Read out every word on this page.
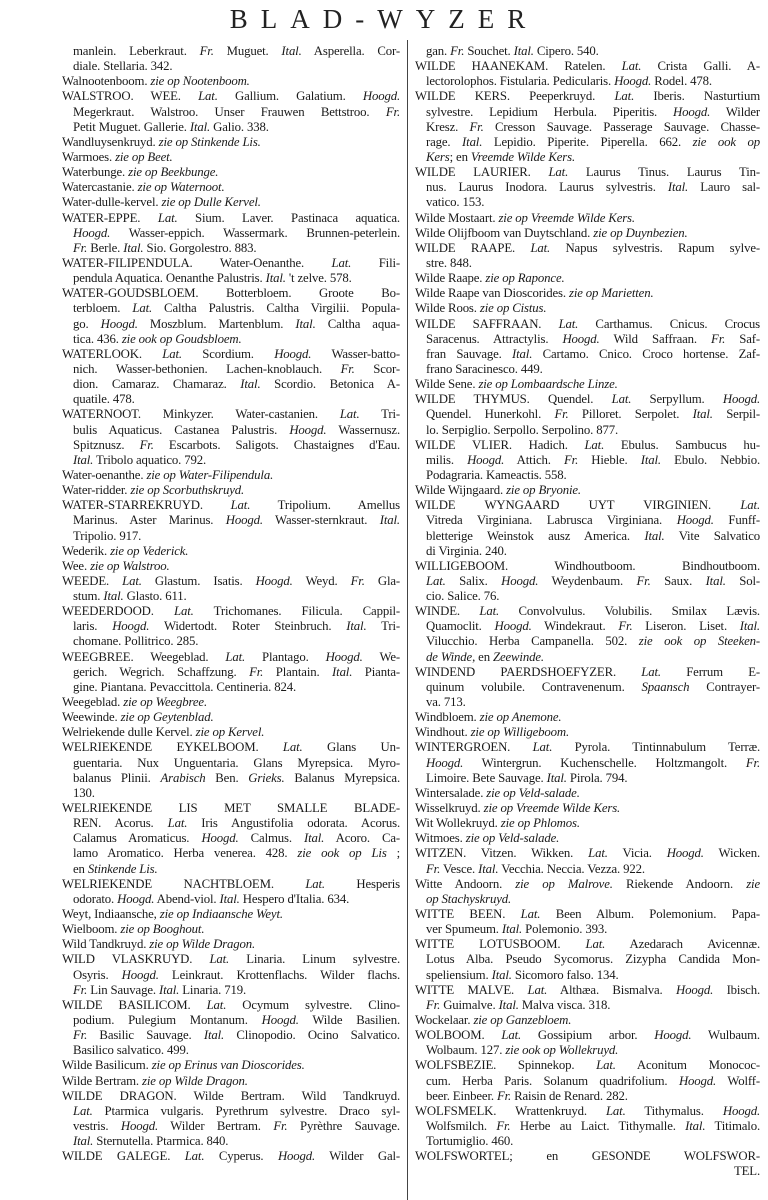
BLAD-WYZER
manlein. Leberkraut. Fr. Muguet. Ital. Asperella. Cor-
diale. Stellaria. 342.
Walnootenboom. zie op Nootenboom.
WALSTROO. WEE. Lat. Gallium. Galatium. Hoogd.
Megerkraut. Walstroo. Unser Frauwen Bettstroo. Fr.
Petit Muguet. Gallerie. Ital. Galio. 338.
Wandluysenkruyd. zie op Stinkende Lis.
Warmoes. zie op Beet.
Waterbunge. zie op Beekbunge.
Watercastanie. zie op Waternoot.
Water-dulle-kervel. zie op Dulle Kervel.
WATER-EPPE. Lat. Sium. Laver. Pastinaca aquatica.
Hoogd. Wasser-eppich. Wassermark. Brunnen-peterlein.
Fr. Berle. Ital. Sio. Gorgolestro. 883.
WATER-FILIPENDULA. Water-Oenanthe. Lat. Fili-
pendula Aquatica. Oenanthe Palustris. Ital. 't zelve. 578.
WATER-GOUDSBLOEM. Botterbloem. Groote Bo-
terbloem. Lat. Caltha Palustris. Caltha Virgilii. Popula-
go. Hoogd. Moszblum. Martenblum. Ital. Caltha aqua-
tica. 436. zie ook op Goudsbloem.
WATERLOOK. Lat. Scordium. Hoogd. Wasser-batto-
nich. Wasser-bethonien. Lachen-knoblauch. Fr. Scor-
dion. Camaraz. Chamaraz. Ital. Scordio. Betonica A-
quatile. 478.
WATERNOOT. Minkyzer. Water-castanien. Lat. Tri-
bulis Aquaticus. Castanea Palustris. Hoogd. Wassernusz.
Spitznusz. Fr. Escarbots. Saligots. Chastaignes d'Eau.
Ital. Tribolo aquatico. 792.
Water-oenanthe. zie op Water-Filipendula.
Water-ridder. zie op Scorbuthskruyd.
WATER-STARREKRUYD. Lat. Tripolium. Amellus
Marinus. Aster Marinus. Hoogd. Wasser-sternkraut. Ital.
Tripolio. 917.
Wederik. zie op Vederick.
Wee. zie op Walstroo.
WEEDE. Lat. Glastum. Isatis. Hoogd. Weyd. Fr. Gla-
stum. Ital. Glasto. 611.
WEEDERDOOD. Lat. Trichomanes. Filicula. Cappil-
laris. Hoogd. Widertodt. Roter Steinbruch. Ital. Tri-
chomane. Pollitrico. 285.
WEEGBREE. Weegeblad. Lat. Plantago. Hoogd. We-
gerich. Wegrich. Schaffzung. Fr. Plantain. Ital. Pianta-
gine. Piantana. Pevaccittola. Centineria. 824.
Weegeblad. zie op Weegbree.
Weewinde. zie op Geytenblad.
Welriekende dulle Kervel. zie op Kervel.
WELRIEKENDE EYKELBOOM. Lat. Glans Un-
guentaria. Nux Unguentaria. Glans Myrepsica. Myro-
balanus Plinii. Arabisch Ben. Grieks. Balanus Myrepsica.
130.
WELRIEKENDE LIS MET SMALLE BLADE-
REN. Acorus. Lat. Iris Angustifolia odorata. Acorus.
Calamus Aromaticus. Hoogd. Calmus. Ital. Acoro. Ca-
lamo Aromatico. Herba venerea. 428. zie ook op Lis ;
en Stinkende Lis.
WELRIEKENDE NACHTBLOEM. Lat. Hesperis
odorato. Hoogd. Abend-viol. Ital. Hespero d'Italia. 634.
Weyt, Indiaansche, zie op Indiaansche Weyt.
Wielboom. zie op Booghout.
Wild Tandkruyd. zie op Wilde Dragon.
WILD VLASKRUYD. Lat. Linaria. Linum sylvestre.
Osyris. Hoogd. Leinkraut. Krottenflachs. Wilder flachs.
Fr. Lin Sauvage. Ital. Linaria. 719.
WILDE BASILICOM. Lat. Ocymum sylvestre. Clino-
podium. Pulegium Montanum. Hoogd. Wilde Basilien.
Fr. Basilic Sauvage. Ital. Clinopodio. Ocino Salvatico.
Basilico salvatico. 499.
Wilde Basilicum. zie op Erinus van Dioscorides.
Wilde Bertram. zie op Wilde Dragon.
WILDE DRAGON. Wilde Bertram. Wild Tandkruyd.
Lat. Ptarmica vulgaris. Pyrethrum sylvestre. Draco syl-
vestris. Hoogd. Wilder Bertram. Fr. Pyrèthre Sauvage.
Ital. Sternutella. Ptarmica. 840.
WILDE GALEGE. Lat. Cyperus. Hoogd. Wilder Gal-
gan. Fr. Souchet. Ital. Cipero. 540.
WILDE HAANEKAM. Ratelen. Lat. Crista Galli. A-
lectorolophos. Fistularia. Pedicularis. Hoogd. Rodel. 478.
WILDE KERS. Peeperkruyd. Lat. Iberis. Nasturtium
sylvestre. Lepidium Herbula. Piperitis. Hoogd. Wilder
Kresz. Fr. Cresson Sauvage. Passerage Sauvage. Chasse-
rage. Ital. Lepidio. Piperite. Piperella. 662. zie ook op
Kers; en Vreemde Wilde Kers.
WILDE LAURIER. Lat. Laurus Tinus. Laurus Tin-
nus. Laurus Inodora. Laurus sylvestris. Ital. Lauro sal-
vatico. 153.
Wilde Mostaart. zie op Vreemde Wilde Kers.
Wilde Olijfboom van Duytschland. zie op Duynbezien.
WILDE RAAPE. Lat. Napus sylvestris. Rapum sylve-
stre. 848.
Wilde Raape. zie op Raponce.
Wilde Raape van Dioscorides. zie op Marietten.
Wilde Roos. zie op Cistus.
WILDE SAFFRAAN. Lat. Carthamus. Cnicus. Crocus
Saracenus. Attractylis. Hoogd. Wild Saffraan. Fr. Saf-
fran Sauvage. Ital. Cartamo. Cnico. Croco hortense. Zaf-
frano Saracinesco. 449.
Wilde Sene. zie op Lombaardsche Linze.
WILDE THYMUS. Quendel. Lat. Serpyllum. Hoogd.
Quendel. Hunerkohl. Fr. Pilloret. Serpolet. Ital. Serpil-
lo. Serpiglio. Serpollo. Serpolino. 877.
WILDE VLIER. Hadich. Lat. Ebulus. Sambucus hu-
milis. Hoogd. Attich. Fr. Hieble. Ital. Ebulo. Nebbio.
Podagraria. Kameactis. 558.
Wilde Wijngaard. zie op Bryonie.
WILDE WYNGAARD UYT VIRGINIEN. Lat.
Vitreda Virginiana. Labrusca Virginiana. Hoogd. Funff-
bletterige Weinstok ausz America. Ital. Vite Salvatico
di Virginia. 240.
WILLIGEBOOM. Windhoutboom. Bindhoutboom.
Lat. Salix. Hoogd. Weydenbaum. Fr. Saux. Ital. Sol-
cio. Salice. 76.
WINDE. Lat. Convolvulus. Volubilis. Smilax Lævis.
Quamoclit. Hoogd. Windekraut. Fr. Liseron. Liset. Ital.
Vilucchio. Herba Campanella. 502. zie ook op Steeken-
de Winde, en Zeewinde.
WINDEND PAERDSHOEFYZER. Lat. Ferrum E-
quinum volubile. Contravenenum. Spaansch Contrayer-
va. 713.
Windbloem. zie op Anemone.
Windhout. zie op Willigeboom.
WINTERGROEN. Lat. Pyrola. Tintinnabulum Terræ.
Hoogd. Wintergrun. Kuchenschelle. Holtzmangolt. Fr.
Limoire. Bete Sauvage. Ital. Pirola. 794.
Wintersalade. zie op Veld-salade.
Wisselkruyd. zie op Vreemde Wilde Kers.
Wit Wollekruyd. zie op Phlomos.
Witmoes. zie op Veld-salade.
WITZEN. Vitzen. Wikken. Lat. Vicia. Hoogd. Wicken.
Fr. Vesce. Ital. Vecchia. Neccia. Vezza. 922.
Witte Andoorn. zie op Malrove. Riekende Andoorn. zie
op Stachyskruyd.
WITTE BEEN. Lat. Been Album. Polemonium. Papa-
ver Spumeum. Ital. Polemonio. 393.
WITTE LOTUSBOOM. Lat. Azedarach Avicennæ.
Lotus Alba. Pseudo Sycomorus. Zizypha Candida Mon-
speliensium. Ital. Sicomoro falso. 134.
WITTE MALVE. Lat. Althæa. Bismalva. Hoogd. Ibisch.
Fr. Guimalve. Ital. Malva visca. 318.
Wockelaar. zie op Ganzebloem.
WOLBOOM. Lat. Gossipium arbor. Hoogd. Wulbaum.
Wolbaum. 127. zie ook op Wollekruyd.
WOLFSBEZIE. Spinnekop. Lat. Aconitum Monococ-
cum. Herba Paris. Solanum quadrifolium. Hoogd. Wolff-
beer. Einbeer. Fr. Raisin de Renard. 282.
WOLFSMELK. Wrattenkruyd. Lat. Tithymalus. Hoogd.
Wolfsmilch. Fr. Herbe au Laict. Tithymalle. Ital. Titimalo.
Tortumiglio. 460.
WOLFSWORTEL; en GESONDE WOLFSWOR-
TEL.
